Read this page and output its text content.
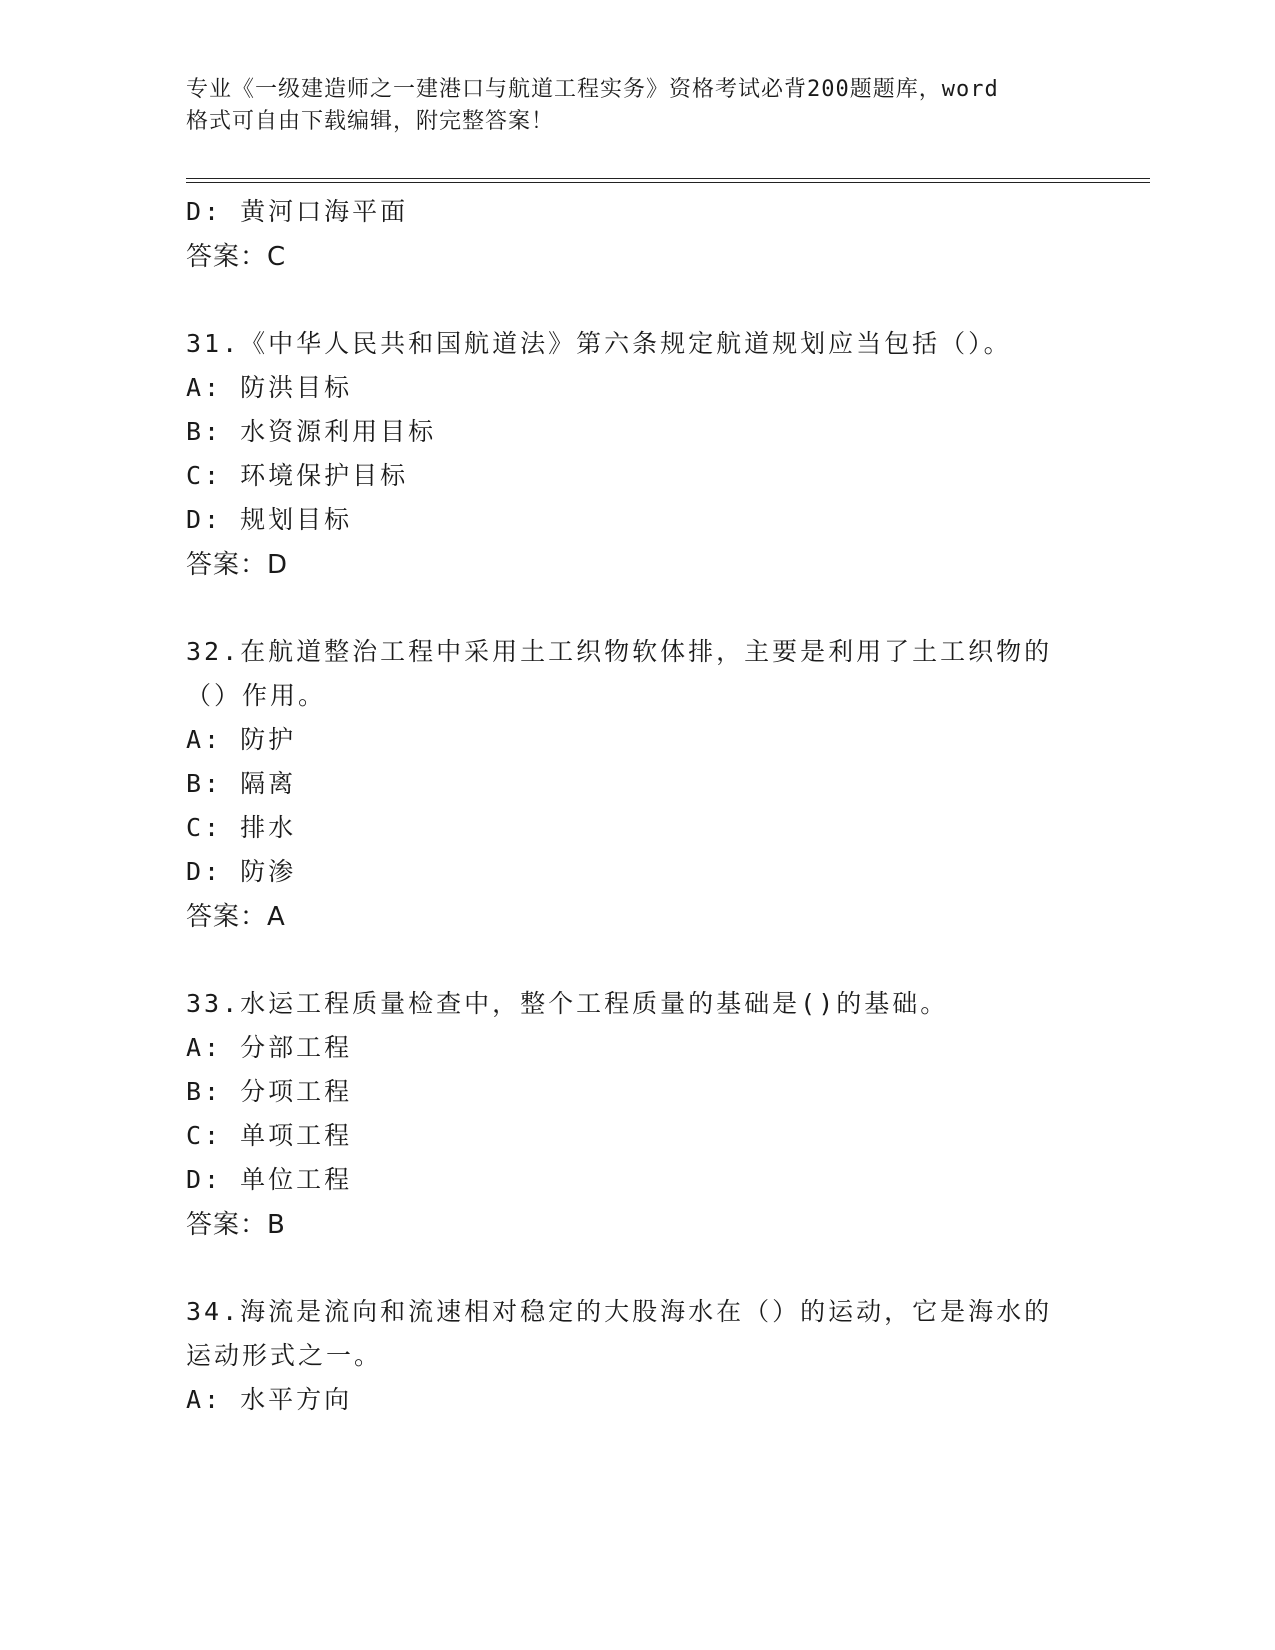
专业《一级建造师之一建港口与航道工程实务》资格考试必背200题题库，word
格式可自由下载编辑，附完整答案！
D: 黄河口海平面
答案：C
31.《中华人民共和国航道法》第六条规定航道规划应当包括（）。
A: 防洪目标
B: 水资源利用目标
C: 环境保护目标
D: 规划目标
答案：D
32.在航道整治工程中采用土工织物软体排，主要是利用了土工织物的
（）作用。
A: 防护
B: 隔离
C: 排水
D: 防渗
答案：A
33.水运工程质量检查中，整个工程质量的基础是()的基础。
A: 分部工程
B: 分项工程
C: 单项工程
D: 单位工程
答案：B
34.海流是流向和流速相对稳定的大股海水在（）的运动，它是海水的
运动形式之一。
A: 水平方向
